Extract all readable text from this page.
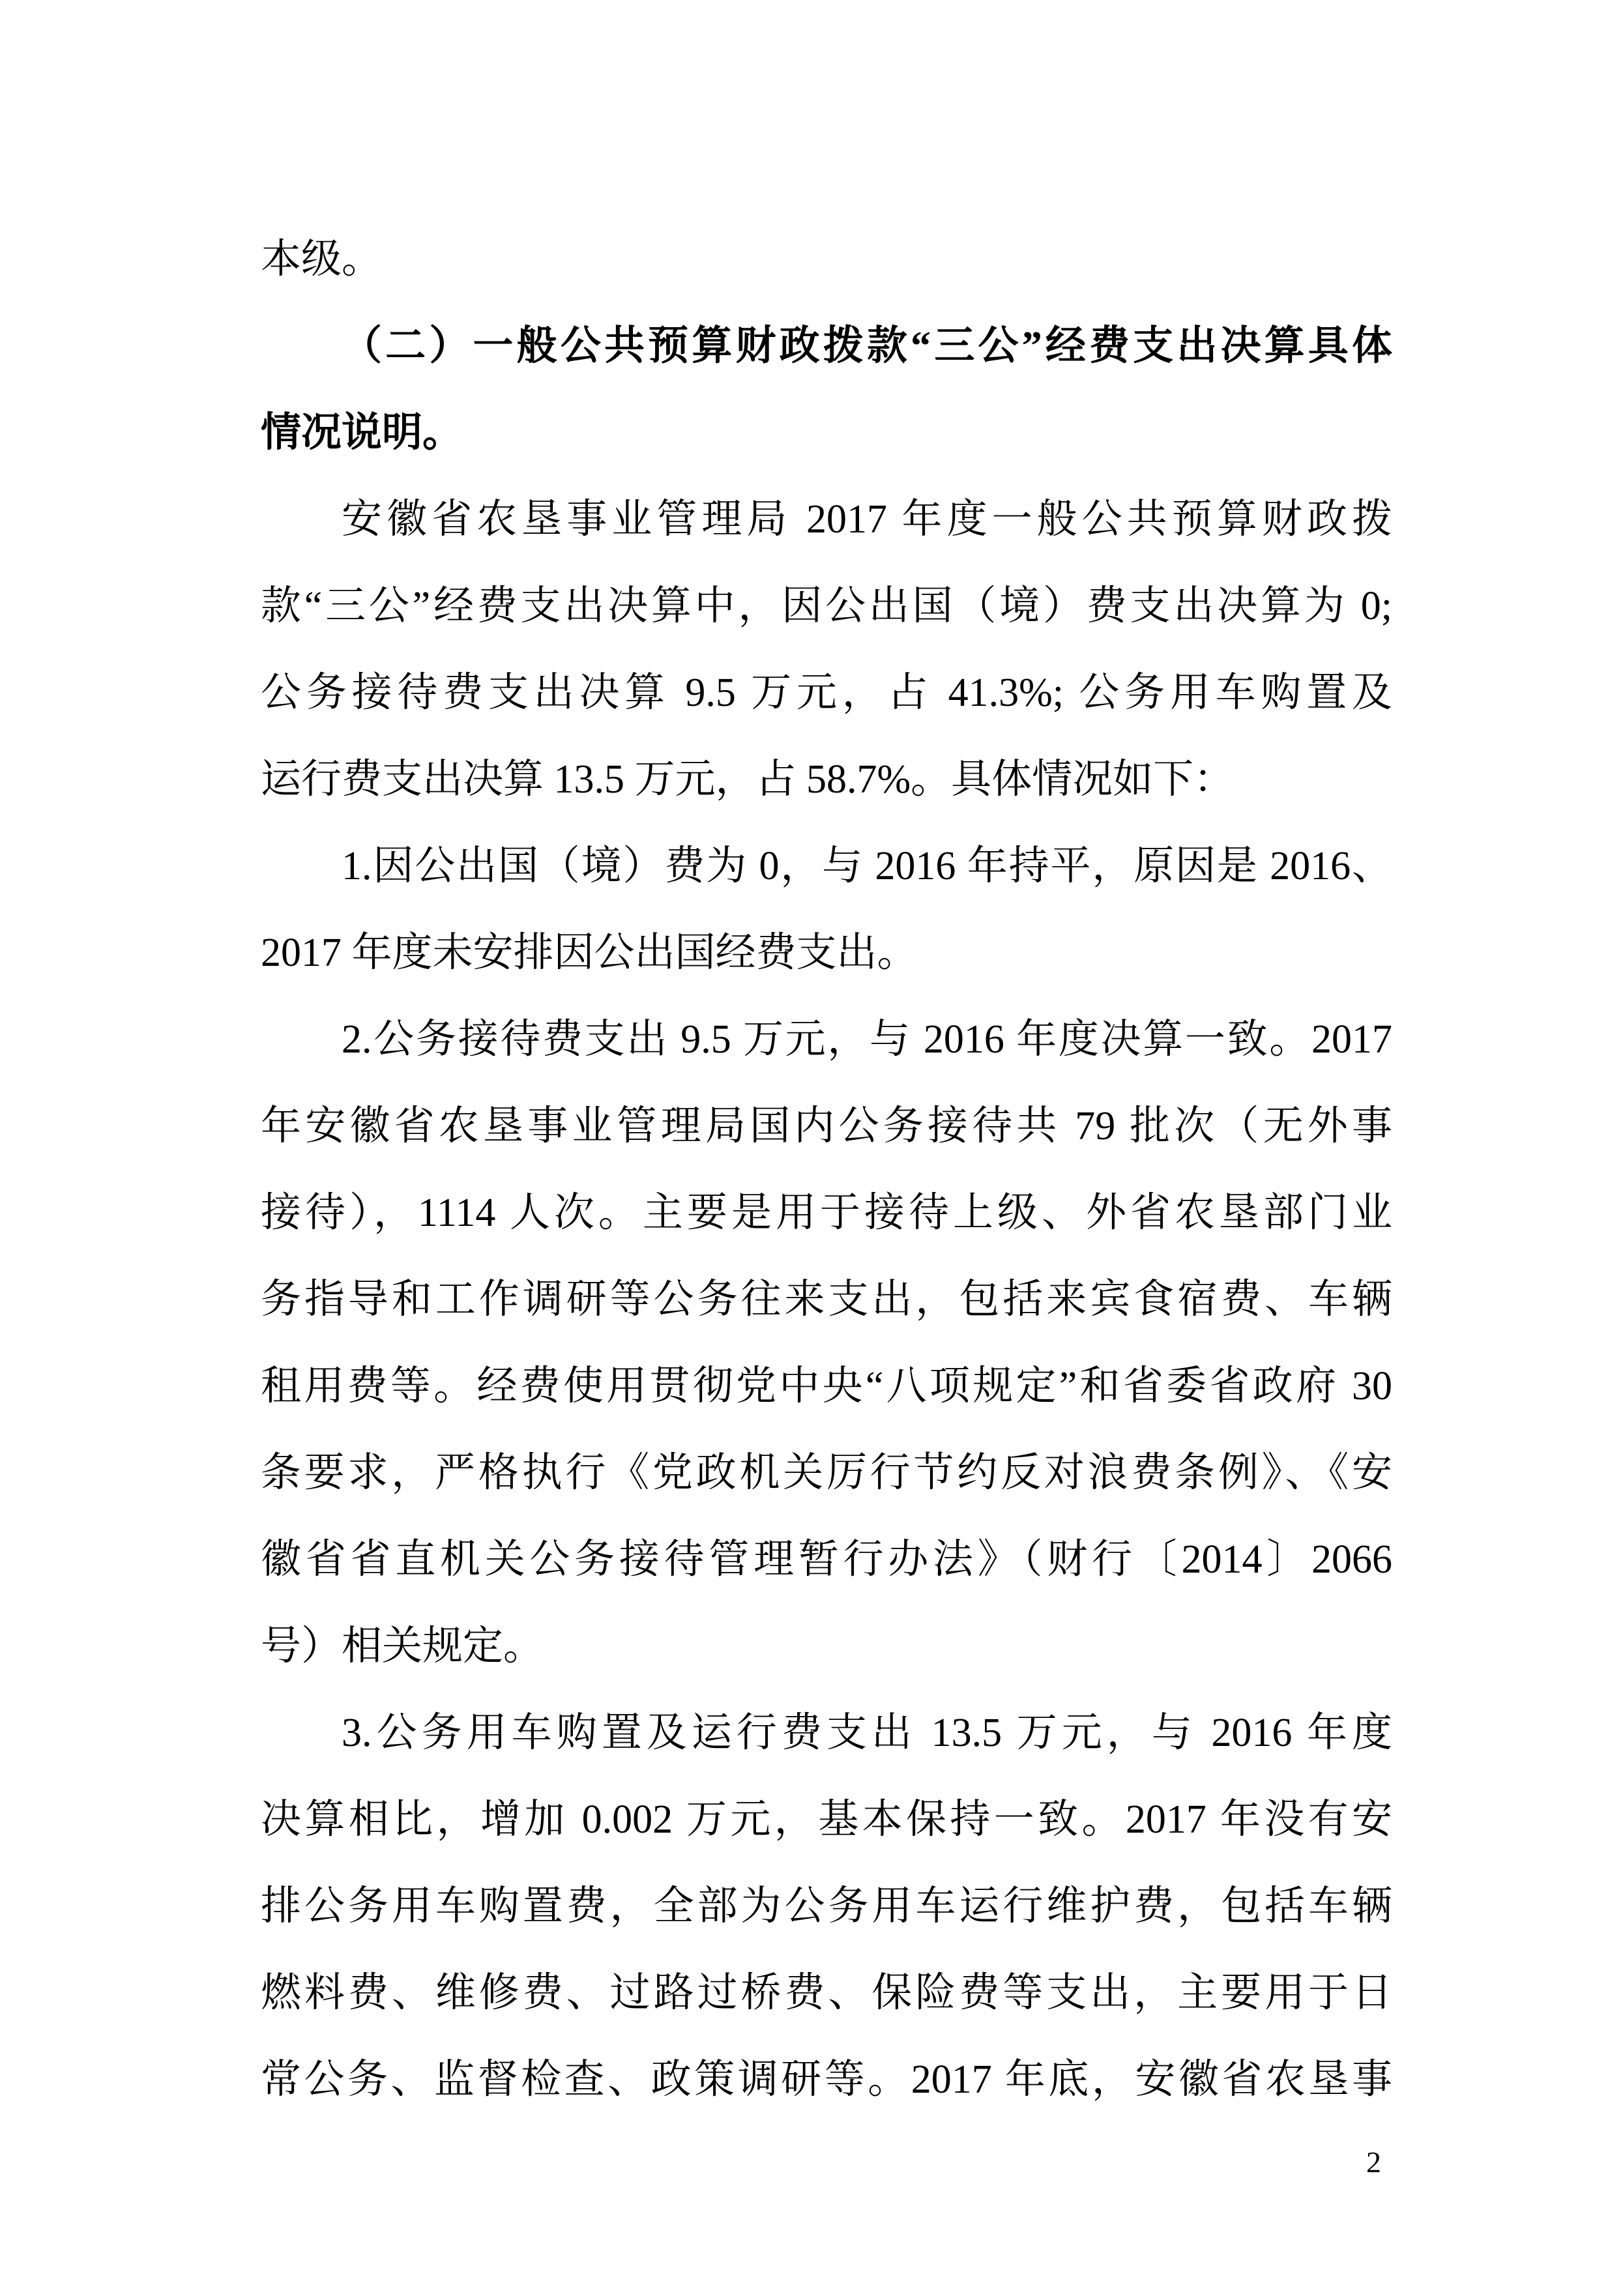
本级。
（二）一般公共预算财政拨款“三公”经费支出决算具体
情况说明。
安徽省农垦事业管理局 2017 年度一般公共预算财政拨
款“三公”经费支出决算中，因公出国（境）费支出决算为 0;
公务接待费支出决算 9.5 万元，占 41.3%; 公务用车购置及
运行费支出决算 13.5 万元，占 58.7%。具体情况如下：
1.因公出国（境）费为 0，与 2016 年持平，原因是 2016、
2017 年度未安排因公出国经费支出。
2.公务接待费支出 9.5 万元，与 2016 年度决算一致。2017
年安徽省农垦事业管理局国内公务接待共 79 批次（无外事
接待），1114 人次。主要是用于接待上级、外省农垦部门业
务指导和工作调研等公务往来支出，包括来宾食宿费、车辆
租用费等。经费使用贯彻党中央“八项规定”和省委省政府 30
条要求，严格执行《党政机关厉行节约反对浪费条例》、《安
徽省省直机关公务接待管理暂行办法》（财行〔2014〕2066
号）相关规定。
3.公务用车购置及运行费支出 13.5 万元，与 2016 年度
决算相比，增加 0.002 万元，基本保持一致。2017 年没有安
排公务用车购置费，全部为公务用车运行维护费，包括车辆
燃料费、维修费、过路过桥费、保险费等支出，主要用于日
常公务、监督检查、政策调研等。2017 年底，安徽省农垦事
2
